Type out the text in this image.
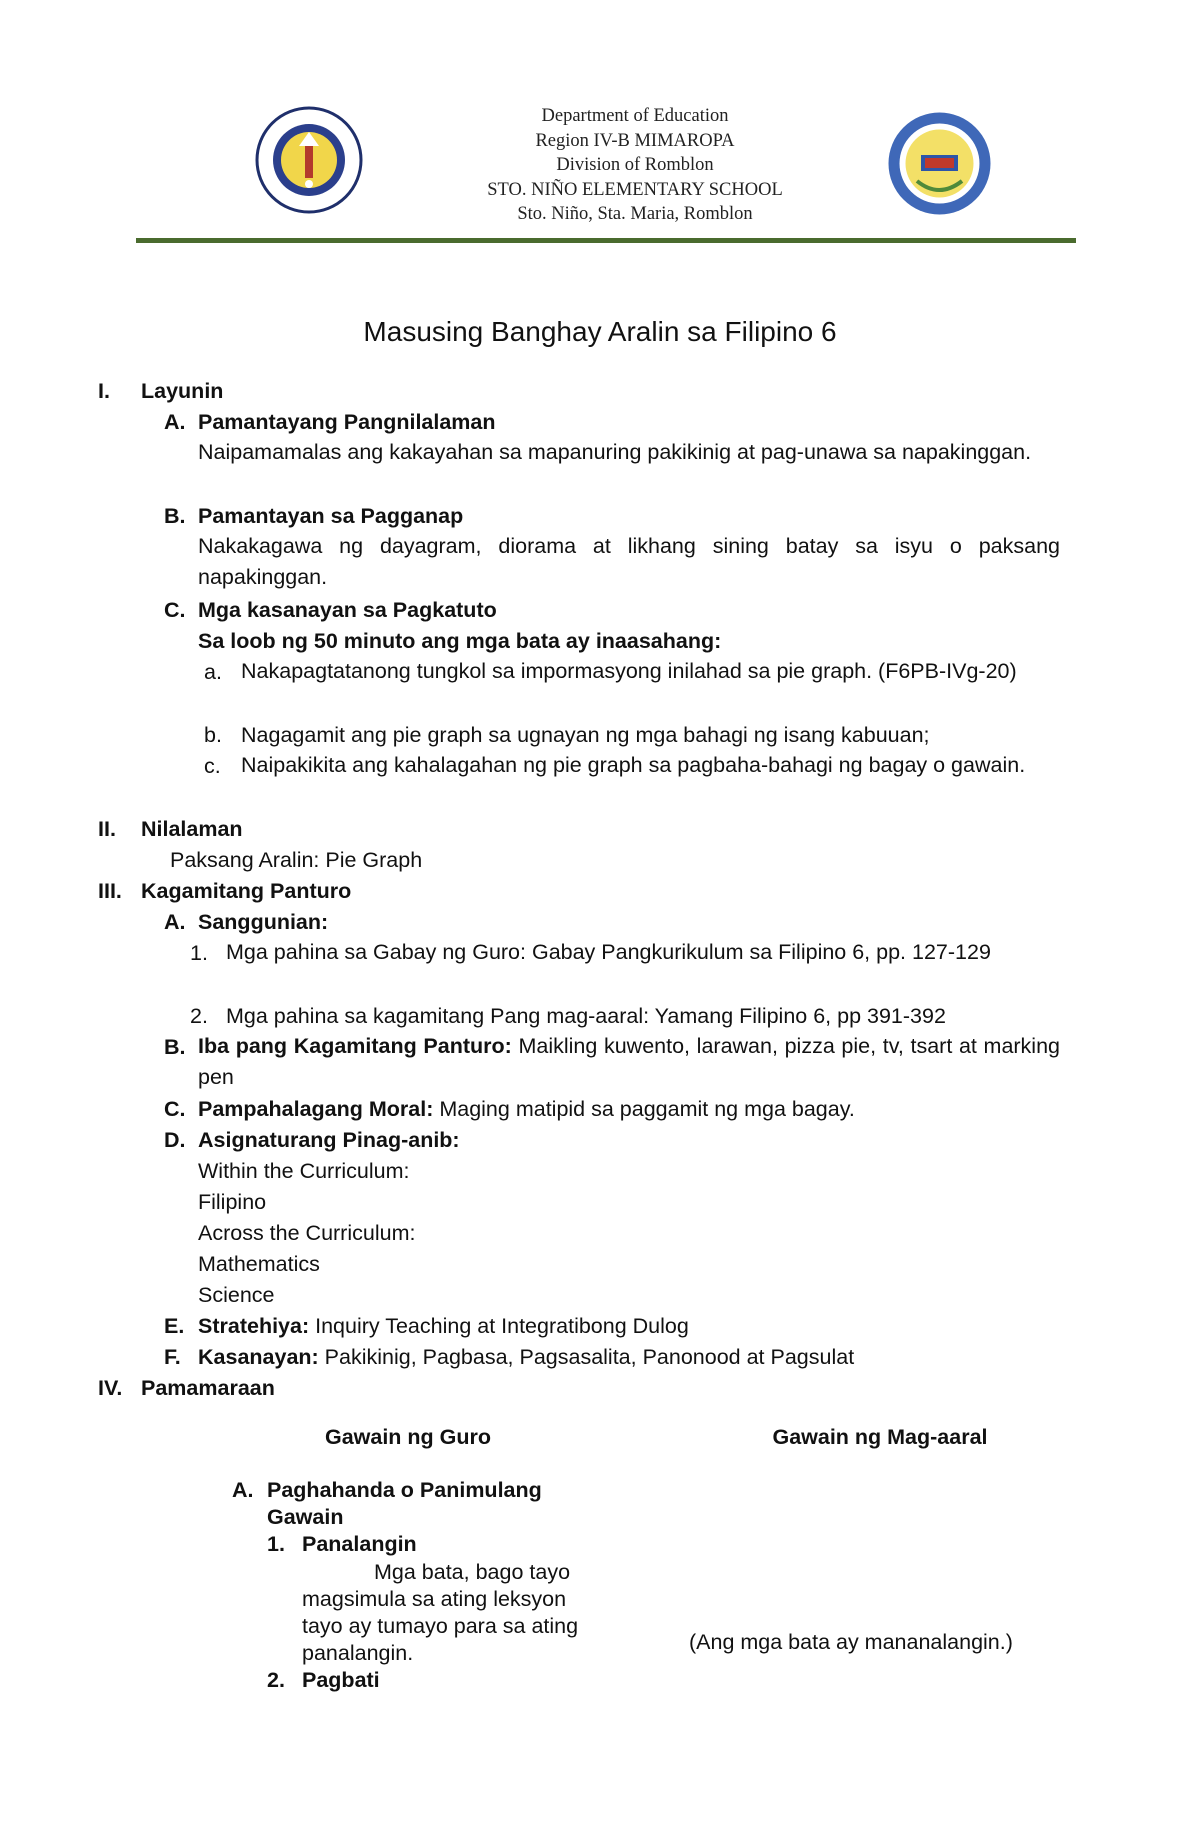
Department of Education
Region IV-B MIMAROPA
Division of Romblon
STO. NIÑO ELEMENTARY SCHOOL
Sto. Niño, Sta. Maria, Romblon
Masusing Banghay Aralin sa Filipino 6
I. Layunin
A. Pamantayang Pangnilalaman
Naipamamalas ang kakayahan sa mapanuring pakikinig at pag-unawa sa napakinggan.
B. Pamantayan sa Pagganap
Nakakagawa ng dayagram, diorama at likhang sining batay sa isyu o paksang napakinggan.
C. Mga kasanayan sa Pagkatuto
Sa loob ng 50 minuto ang mga bata ay inaasahang:
a. Nakapagtatanong tungkol sa impormasyong inilahad sa pie graph. (F6PB-IVg-20)
b. Nagagamit ang pie graph sa ugnayan ng mga bahagi ng isang kabuuan;
c. Naipakikita ang kahalagahan ng pie graph sa pagbaha-bahagi ng bagay o gawain.
II. Nilalaman
Paksang Aralin: Pie Graph
III. Kagamitang Panturo
A. Sanggunian:
1. Mga pahina sa Gabay ng Guro: Gabay Pangkurikulum sa Filipino 6, pp. 127-129
2. Mga pahina sa kagamitang Pang mag-aaral: Yamang Filipino 6, pp 391-392
B. Iba pang Kagamitang Panturo: Maikling kuwento, larawan, pizza pie, tv, tsart at marking pen
C. Pampahalagang Moral: Maging matipid sa paggamit ng mga bagay.
D. Asignaturang Pinag-anib:
Within the Curriculum:
Filipino
Across the Curriculum:
Mathematics
Science
E. Stratehiya: Inquiry Teaching at Integratibong Dulog
F. Kasanayan: Pakikinig, Pagbasa, Pagsasalita, Panonood at Pagsulat
IV. Pamamaraan
Gawain ng Guro	Gawain ng Mag-aaral
A. Paghahanda o Panimulang
Gawain
1. Panalangin
Mga bata, bago tayo
magsimula sa ating leksyon
tayo ay tumayo para sa ating
panalangin.	(Ang mga bata ay mananalangin.)
2. Pagbati
